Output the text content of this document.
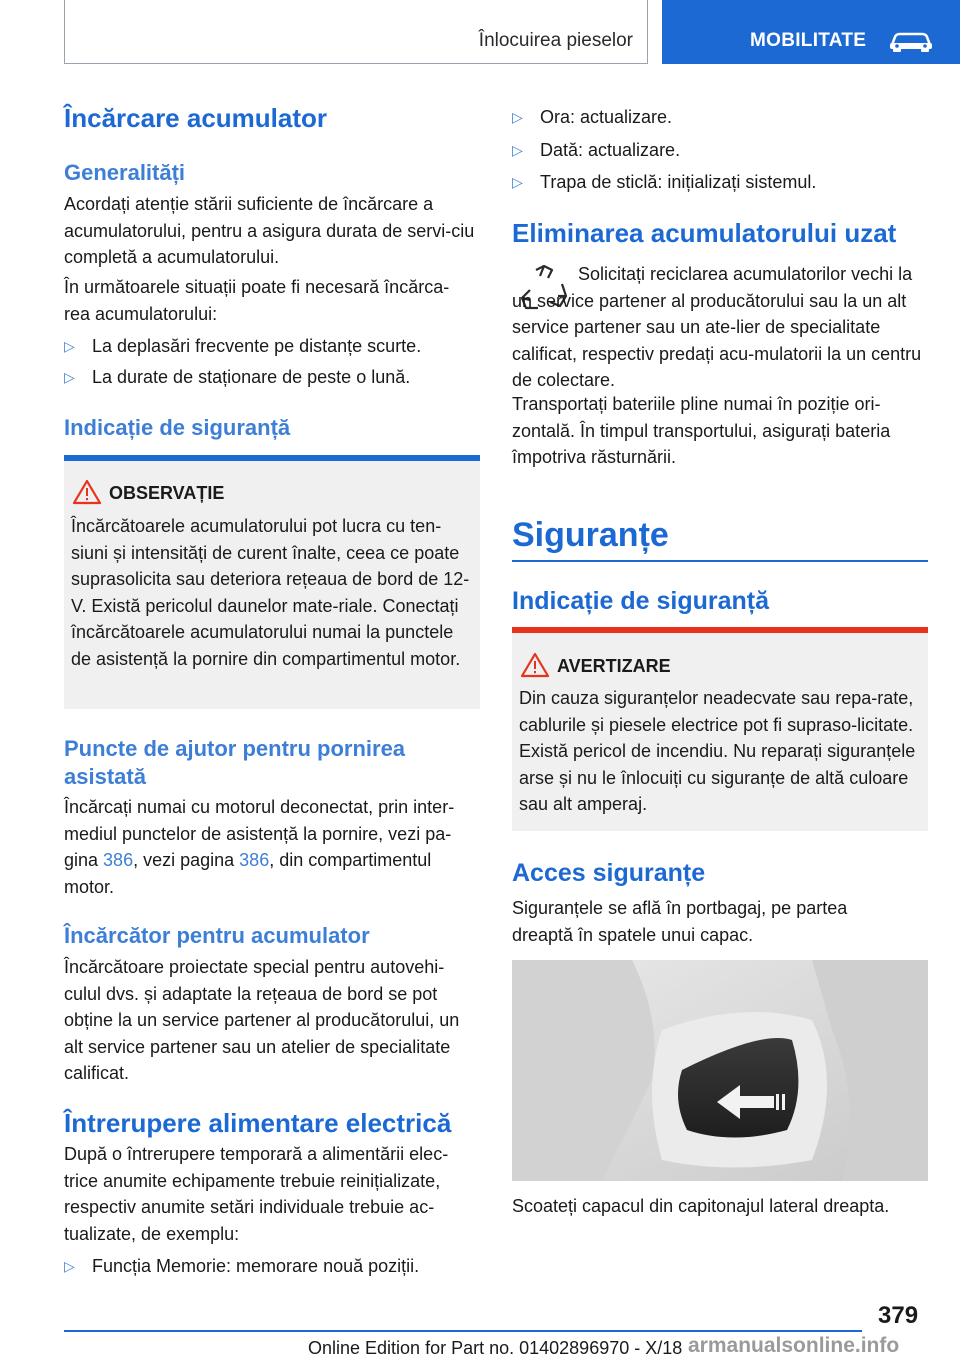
Înlocuirea pieselor	MOBILITATE
Încărcare acumulator
Generalități
Acordați atenție stării suficiente de încărcare a acumulatorului, pentru a asigura durata de servi-ciu completă a acumulatorului.
În următoarele situații poate fi necesară încărca-rea acumulatorului:
▷ La deplasări frecvente pe distanțe scurte.
▷ La durate de staționare de peste o lună.
Indicație de siguranță
OBSERVAȚIE
Încărcătoarele acumulatorului pot lucra cu ten-siuni și intensități de curent înalte, ceea ce poate suprasolicita sau deteriora rețeaua de bord de 12-V. Există pericolul daunelor mate-riale. Conectați încărcătoarele acumulatorului numai la punctele de asistență la pornire din compartimentul motor.
Puncte de ajutor pentru pornirea asistată
Încărcați numai cu motorul deconectat, prin inter-mediul punctelor de asistență la pornire, vezi pa-gina 386, vezi pagina 386, din compartimentul motor.
Încărcător pentru acumulator
Încărcătoare proiectate special pentru autovehi-culul dvs. și adaptate la rețeaua de bord se pot obține la un service partener al producătorului, un alt service partener sau un atelier de specialitate calificat.
Întrerupere alimentare electrică
După o întrerupere temporară a alimentării elec-trice anumite echipamente trebuie reinițializate, respectiv anumite setări individuale trebuie ac-tualizate, de exemplu:
▷ Funcția Memorie: memorare nouă poziții.
▷ Ora: actualizare.
▷ Dată: actualizare.
▷ Trapa de sticlă: inițializați sistemul.
Eliminarea acumulatorului uzat
Solicitați reciclarea acumulatorilor vechi la un service partener al producătorului sau la un alt service partener sau un ate-lier de specialitate calificat, respectiv predați acu-mulatorii la un centru de colectare.
Transportați bateriile pline numai în poziție ori-zontală. În timpul transportului, asigurați bateria împotriva răsturnării.
Siguranțe
Indicație de siguranță
AVERTIZARE
Din cauza siguranțelor neadecvate sau repa-rate, cablurile și piesele electrice pot fi supraso-licitate. Există pericol de incendiu. Nu reparați siguranțele arse și nu le înlocuiți cu siguranțe de altă culoare sau alt amperaj.
Acces siguranțe
Siguranțele se află în portbagaj, pe partea dreaptă în spatele unui capac.
Scoateți capacul din capitonajul lateral dreapta.
379
Online Edition for Part no. 01402896970 - X/18 armanualsonline.info
